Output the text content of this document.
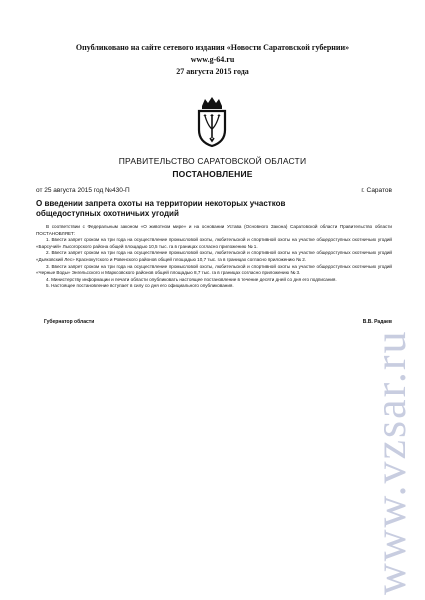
Опубликовано на сайте сетевого издания «Новости Саратовской губернии»
www.g-64.ru
27 августа 2015 года
ПРАВИТЕЛЬСТВО САРАТОВСКОЙ ОБЛАСТИ
ПОСТАНОВЛЕНИЕ
от 25 августа 2015 год №430-П	г. Саратов
О введении запрета охоты на территории некоторых участков общедоступных охотничьих угодий

В соответствии с Федеральным законом «О животном мире» и на основании Устава (Основного Закона) Саратовской области Правительство области ПОСТАНОВЛЯЕТ:

1. Ввести запрет сроком на три года на осуществление промысловой охоты, любительской и спортивной охоты на участке общедоступных охотничьих угодий «Барсучий» Лысогорского района общей площадью 10,5 тыс. га в границах согласно приложению № 1.

2. Ввести запрет сроком на три года на осуществление промысловой охоты, любительской и спортивной охоты на участке общедоступных охотничьих угодий «Дьяковский Лес» Краснокутского и Ровенского районов общей площадью 10,7 тыс. га в границах согласно приложению № 2.

3. Ввести запрет сроком на три года на осуществление промысловой охоты, любительской и спортивной охоты на участке общедоступных охотничьих угодий «Черные Воды» Энгельсского и Марксовского районов общей площадью 8,7 тыс. га в границах согласно приложению № 3.

4. Министерству информации и печати области опубликовать настоящее постановление в течение десяти дней со дня его подписания.

5. Настоящее постановление вступает в силу со дня его официального опубликования.

Губернатор области	В.В. Радаев
www.vzsar.ru
